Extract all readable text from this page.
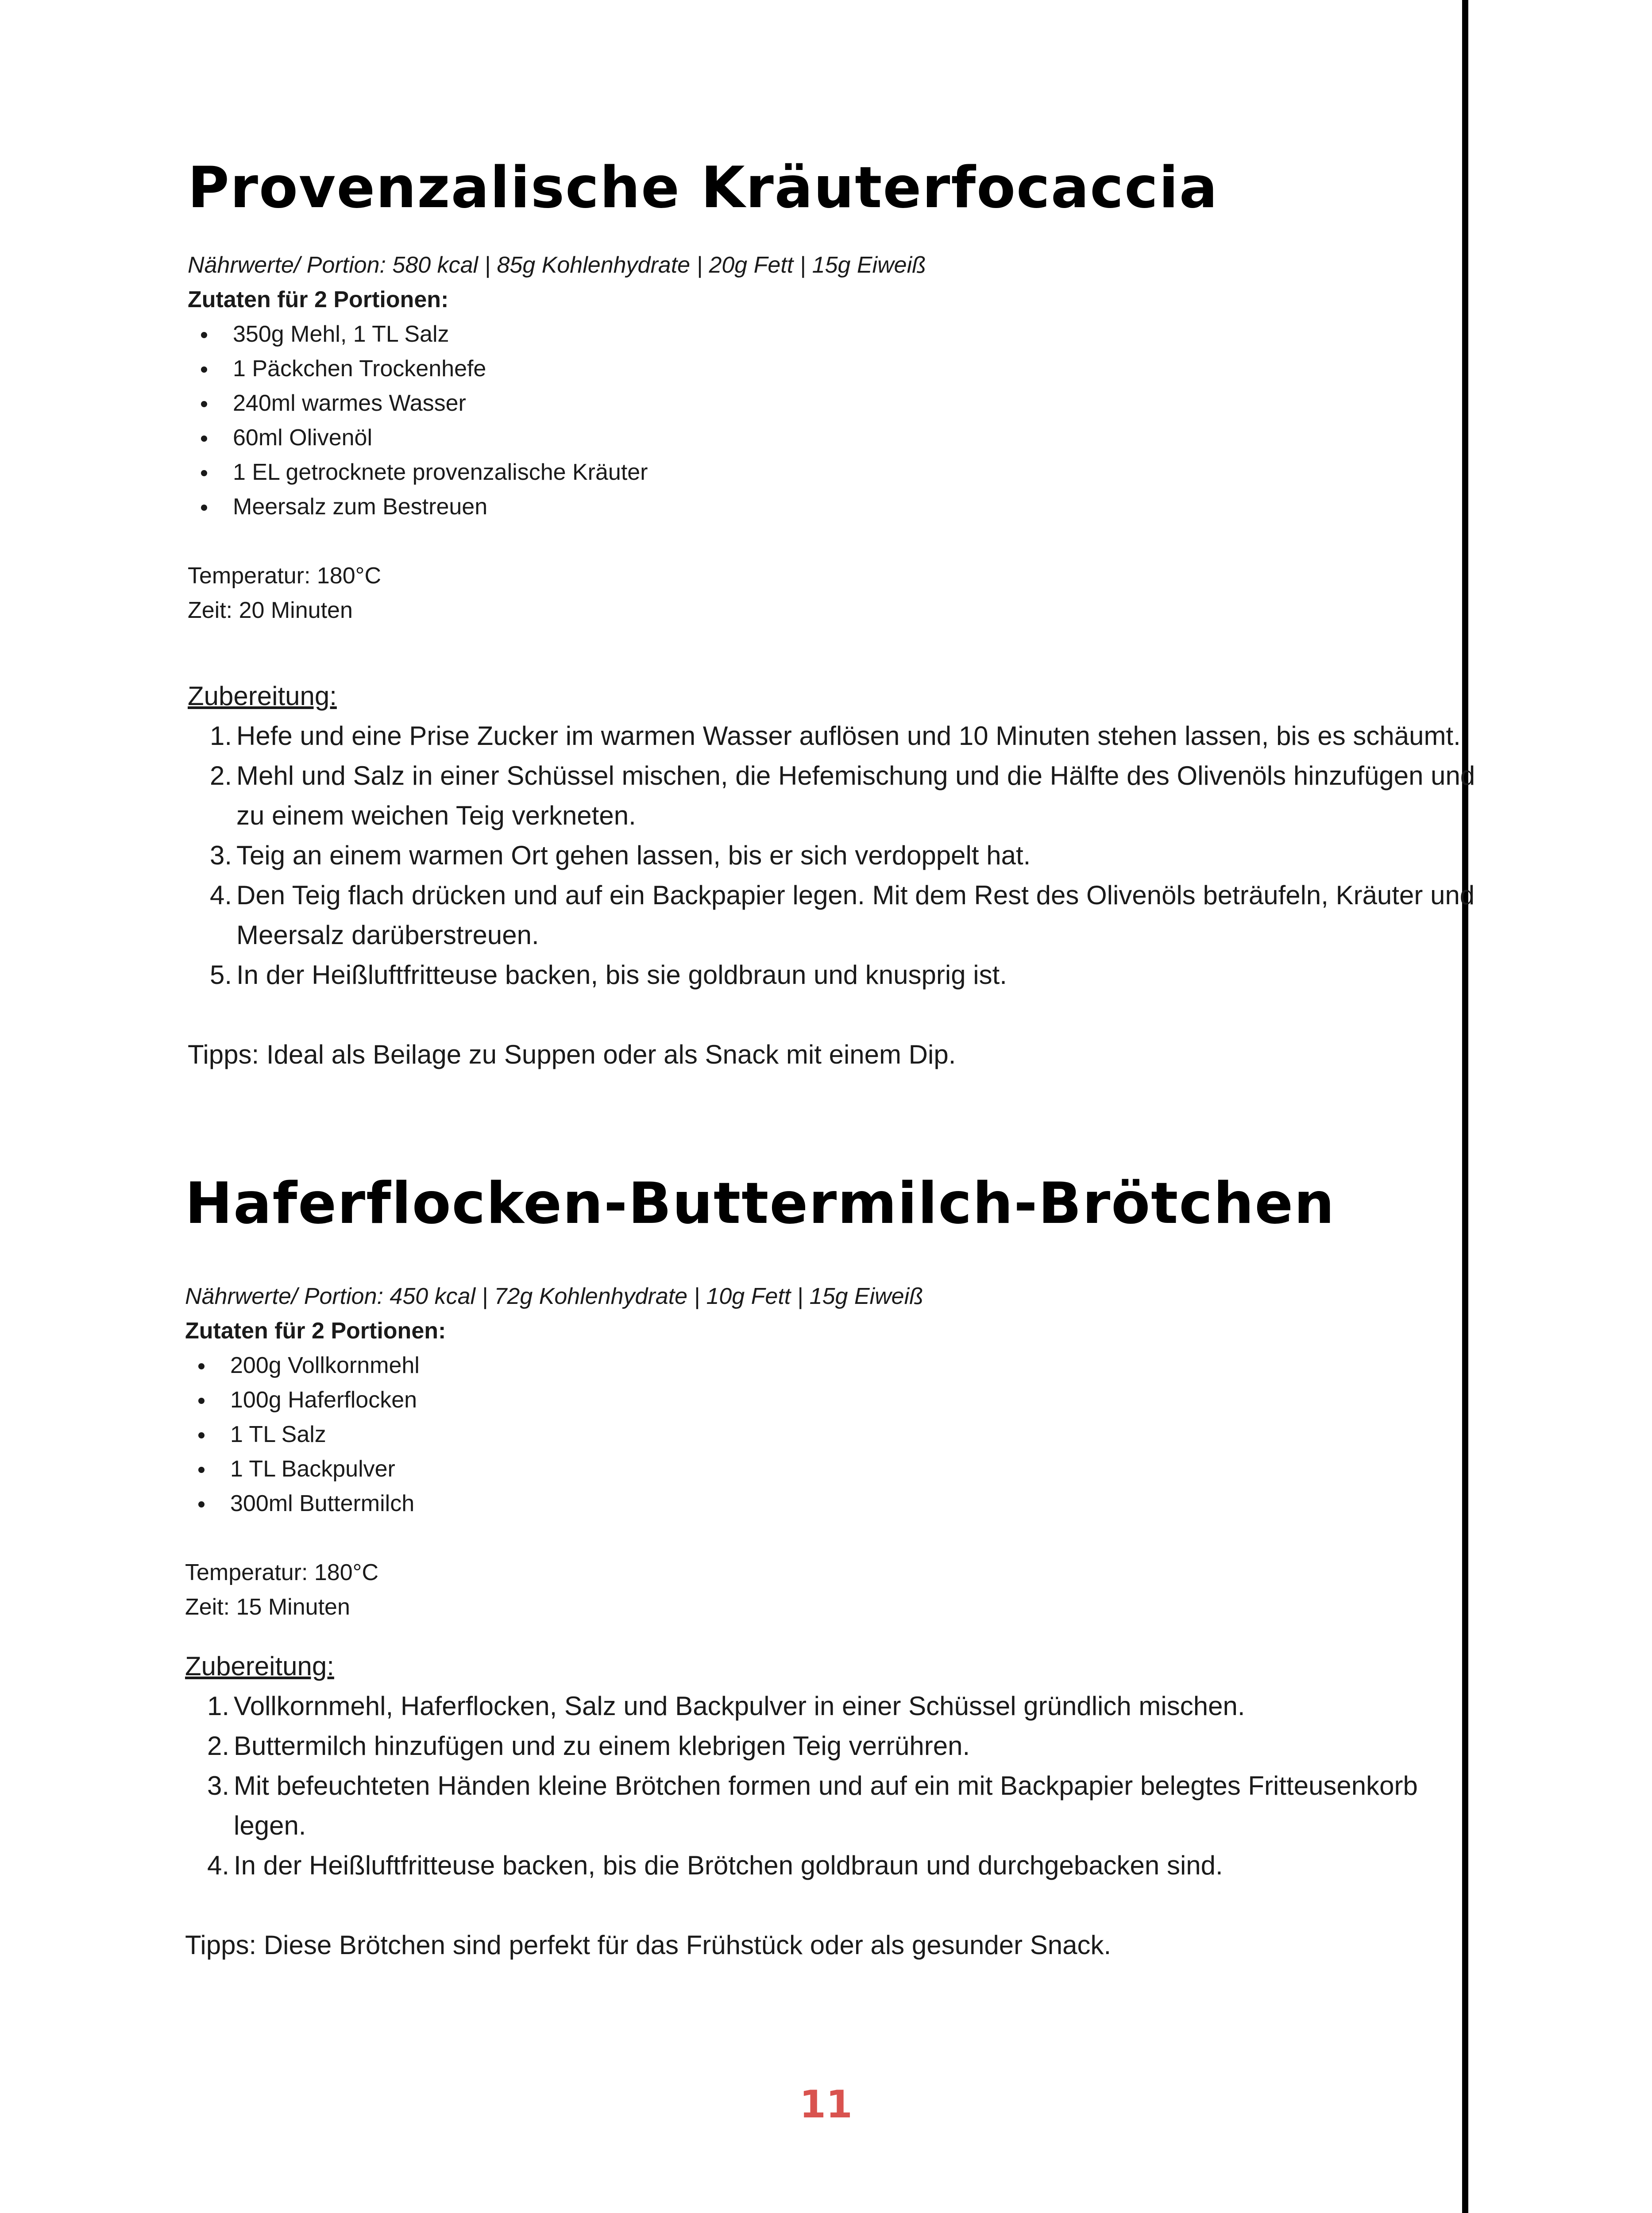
Provenzalische Kräuterfocaccia

Nährwerte/ Portion: 580 kcal | 85g Kohlenhydrate | 20g Fett | 15g Eiweiß

Zutaten für 2 Portionen:

350g Mehl, 1 TL Salz
1 Päckchen Trockenhefe
240ml warmes Wasser
60ml Olivenöl
1 EL getrocknete provenzalische Kräuter
Meersalz zum Bestreuen

Temperatur: 180°C

Zeit: 20 Minuten

Zubereitung:

1. Hefe und eine Prise Zucker im warmen Wasser auflösen und 10 Minuten stehen lassen, bis es schäumt.
2. Mehl und Salz in einer Schüssel mischen, die Hefemischung und die Hälfte des Olivenöls hinzufügen und zu einem weichen Teig verkneten.
3. Teig an einem warmen Ort gehen lassen, bis er sich verdoppelt hat.
4. Den Teig flach drücken und auf ein Backpapier legen. Mit dem Rest des Olivenöls beträufeln, Kräuter und Meersalz darüberstreuen.
5. In der Heißluftfritteuse backen, bis sie goldbraun und knusprig ist.

Tipps: Ideal als Beilage zu Suppen oder als Snack mit einem Dip.

Haferflocken-Buttermilch-Brötchen

Nährwerte/ Portion: 450 kcal | 72g Kohlenhydrate | 10g Fett | 15g Eiweiß

Zutaten für 2 Portionen:

200g Vollkornmehl
100g Haferflocken
1 TL Salz
1 TL Backpulver
300ml Buttermilch

Temperatur: 180°C

Zeit: 15 Minuten

Zubereitung:

1. Vollkornmehl, Haferflocken, Salz und Backpulver in einer Schüssel gründlich mischen.
2. Buttermilch hinzufügen und zu einem klebrigen Teig verrühren.
3. Mit befeuchteten Händen kleine Brötchen formen und auf ein mit Backpapier belegtes Fritteusenkorb legen.
4. In der Heißluftfritteuse backen, bis die Brötchen goldbraun und durchgebacken sind.

Tipps: Diese Brötchen sind perfekt für das Frühstück oder als gesunder Snack.

11
